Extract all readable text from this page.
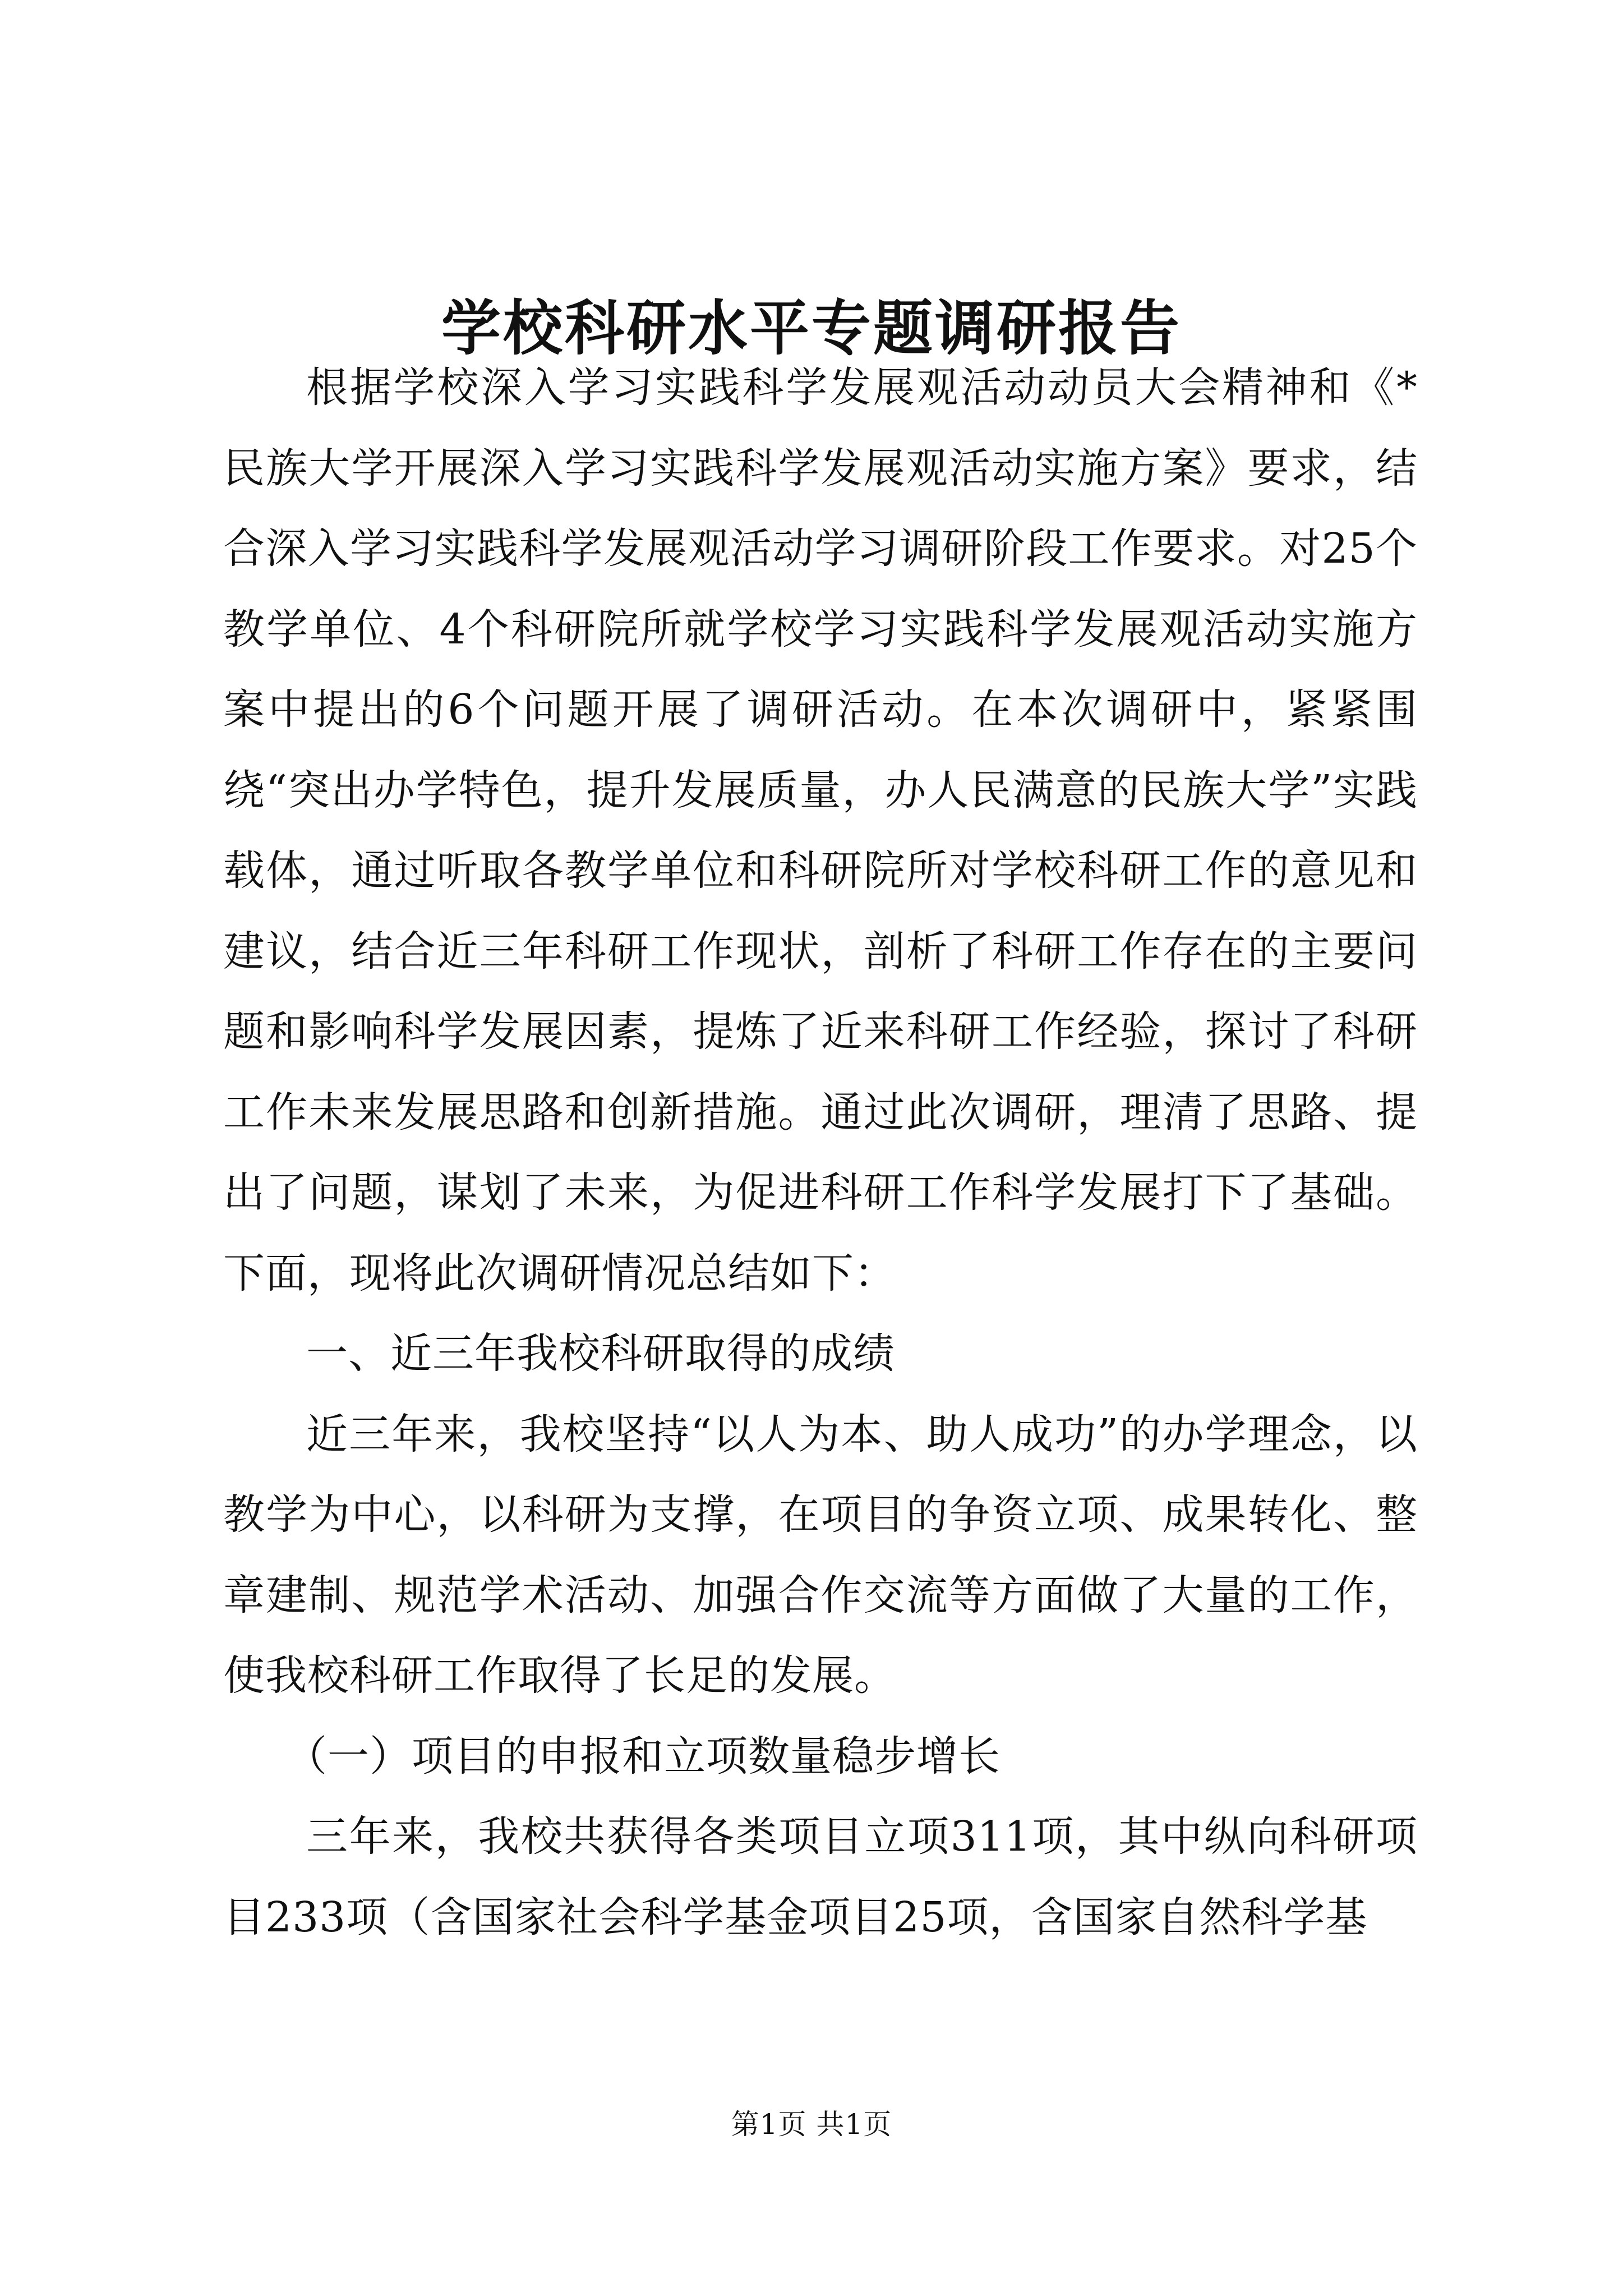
学校科研水平专题调研报告

根据学校深入学习实践科学发展观活动动员大会精神和《*民族大学开展深入学习实践科学发展观活动实施方案》要求，结合深入学习实践科学发展观活动学习调研阶段工作要求。对25个教学单位、4个科研院所就学校学习实践科学发展观活动实施方案中提出的6个问题开展了调研活动。在本次调研中，紧紧围绕“突出办学特色，提升发展质量，办人民满意的民族大学”实践载体，通过听取各教学单位和科研院所对学校科研工作的意见和建议，结合近三年科研工作现状，剖析了科研工作存在的主要问题和影响科学发展因素，提炼了近来科研工作经验，探讨了科研工作未来发展思路和创新措施。通过此次调研，理清了思路、提出了问题，谋划了未来，为促进科研工作科学发展打下了基础。下面，现将此次调研情况总结如下：

一、近三年我校科研取得的成绩

近三年来，我校坚持“以人为本、助人成功”的办学理念，以教学为中心，以科研为支撑，在项目的争资立项、成果转化、整章建制、规范学术活动、加强合作交流等方面做了大量的工作，使我校科研工作取得了长足的发展。

（一）项目的申报和立项数量稳步增长

三年来，我校共获得各类项目立项311项，其中纵向科研项目233项（含国家社会科学基金项目25项，含国家自然科学基

第1页 共1页
